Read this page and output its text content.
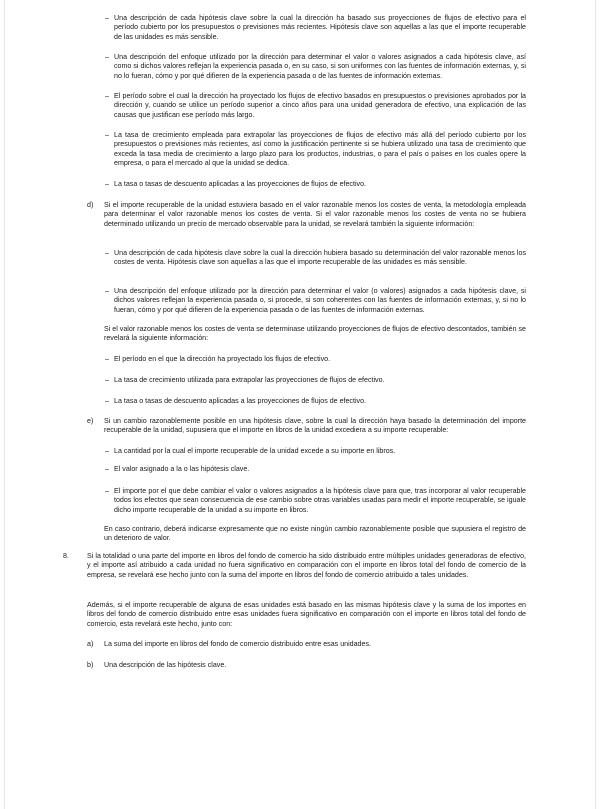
– Una descripción de cada hipótesis clave sobre la cual la dirección ha basado sus proyecciones de flujos de efectivo para el período cubierto por los presupuestos o previsiones más recientes. Hipótesis clave son aquellas a las que el importe recuperable de las unidades es más sensible.

– Una descripción del enfoque utilizado por la dirección para determinar el valor o valores asignados a cada hipótesis clave, así como si dichos valores reflejan la experiencia pasada o, en su caso, si son uniformes con las fuentes de información externas, y, si no lo fueran, cómo y por qué difieren de la experiencia pasada o de las fuentes de información externas.

– El período sobre el cual la dirección ha proyectado los flujos de efectivo basados en presupuestos o previsiones aprobados por la dirección y, cuando se utilice un período superior a cinco años para una unidad generadora de efectivo, una explicación de las causas que justifican ese período más largo.

– La tasa de crecimiento empleada para extrapolar las proyecciones de flujos de efectivo más allá del período cubierto por los presupuestos o previsiones más recientes, así como la justificación pertinente si se hubiera utilizado una tasa de crecimiento que exceda la tasa media de crecimiento a largo plazo para los productos, industrias, o para el país o países en los cuales opere la empresa, o para el mercado al que la unidad se dedica.

– La tasa o tasas de descuento aplicadas a las proyecciones de flujos de efectivo.

d)	Si el importe recuperable de la unidad estuviera basado en el valor razonable menos los costes de venta, la metodología empleada para determinar el valor razonable menos los costes de venta. Si el valor razonable menos los costes de venta no se hubiera determinado utilizando un precio de mercado observable para la unidad, se revelará también la siguiente información:

– Una descripción de cada hipótesis clave sobre la cual la dirección hubiera basado su determinación del valor razonable menos los costes de venta. Hipótesis clave son aquellas a las que el importe recuperable de las unidades es más sensible.

– Una descripción del enfoque utilizado por la dirección para determinar el valor (o valores) asignados a cada hipótesis clave, si dichos valores reflejan la experiencia pasada o, si procede, si son coherentes con las fuentes de información externas, y, si no lo fueran, cómo y por qué difieren de la experiencia pasada o de las fuentes de información externas.

Si el valor razonable menos los costes de venta se determinase utilizando proyecciones de flujos de efectivo descontados, también se revelará la siguiente información:

– El período en el que la dirección ha proyectado los flujos de efectivo.

– La tasa de crecimiento utilizada para extrapolar las proyecciones de flujos de efectivo.

– La tasa o tasas de descuento aplicadas a las proyecciones de flujos de efectivo.

e)	Si un cambio razonablemente posible en una hipótesis clave, sobre la cual la dirección haya basado la determinación del importe recuperable de la unidad, supusiera que el importe en libros de la unidad excediera a su importe recuperable:

– La cantidad por la cual el importe recuperable de la unidad excede a su importe en libros.

– El valor asignado a la o las hipótesis clave.

– El importe por el que debe cambiar el valor o valores asignados a la hipótesis clave para que, tras incorporar al valor recuperable todos los efectos que sean consecuencia de ese cambio sobre otras variables usadas para medir el importe recuperable, se iguale dicho importe recuperable de la unidad a su importe en libros.

En caso contrario, deberá indicarse expresamente que no existe ningún cambio razonablemente posible que supusiera el registro de un deterioro de valor.

8.	Si la totalidad o una parte del importe en libros del fondo de comercio ha sido distribuido entre múltiples unidades generadoras de efectivo, y el importe así atribuido a cada unidad no fuera significativo en comparación con el importe en libros total del fondo de comercio de la empresa, se revelará ese hecho junto con la suma del importe en libros del fondo de comercio atribuido a tales unidades.

Además, si el importe recuperable de alguna de esas unidades está basado en las mismas hipótesis clave y la suma de los importes en libros del fondo de comercio distribuido entre esas unidades fuera significativo en comparación con el importe en libros total del fondo de comercio, esta revelará este hecho, junto con:

a)	La suma del importe en libros del fondo de comercio distribuido entre esas unidades.

b)	Una descripción de las hipótesis clave.
